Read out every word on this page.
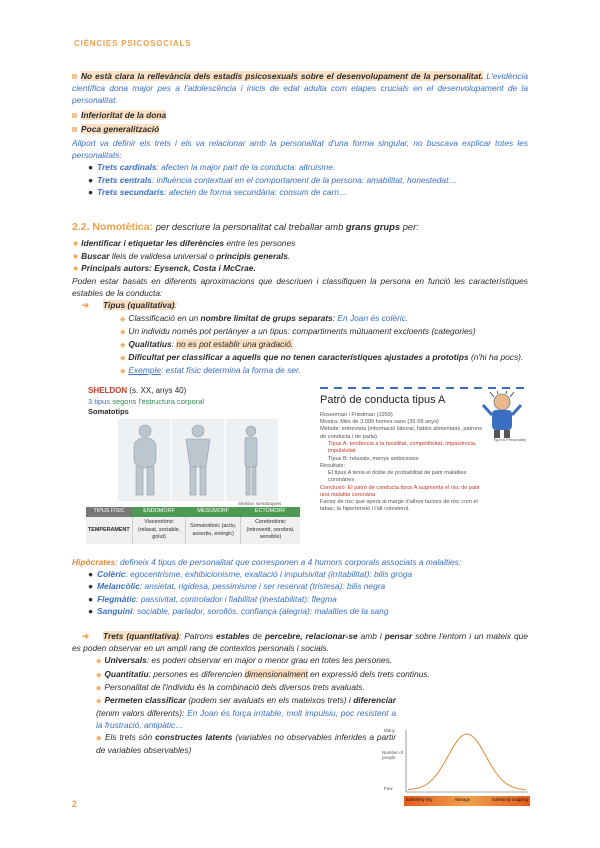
CIÈNCIES PSICOSOCIALS
No està clara la rellevància dels estadis psicosexuals sobre el desenvolupament de la personalitat. L'evidència científica dona major pes a l'adolescència i inicis de edat adulta com etapes crucials en el desenvolupament de la personalitat.
Inferioritat de la dona
Poca generalització
Allport va definir els trets i els va relacionar amb la personalitat d'una forma singular, no buscava explicar totes les personalitats:
● Trets cardinals: afecten la major part de la conducta: altruisme.
● Trets centrals: influència contextual en el comportament de la persona: amabilitat, honestedat…
● Trets secundaris: afecten de forma secundària: consum de carn…
2.2. Nomotètica: per descriure la personalitat cal treballar amb grans grups per:
★ Identificar i etiquetar les diferències entre les persones
★ Buscar lleis de validesa universal o principis generals.
★ Principals autors: Eysenck, Costa i McCrae.
Poden estar basats en diferents aproximacions que descriuen i classifiquen la persona en funció les característiques estables de la conducta:
➔ Tipus (qualitativa):
◆ Classificació en un nombre limitat de grups separats: En Joan és colèric.
◆ Un individu només pot pertànyer a un tipus: compartiments mútuament excloents (categories)
◆ Qualitatius: no es pot establir una gradació.
◆ Dificultat per classificar a aquells que no tenen característiques ajustades a prototips (n'hi ha pocs).
◆ Exemple: estat físic determina la forma de ser.
SHELDON (s. XX, anys 40)
3 tipus segons l'estructura corporal
Somatotips
Sheldon somatotypes
TIPUS FÍSIC	ENDOMORF	MESOMORF	ECTOMORF
TEMPERAMENT	Viscerotònic (relaxat, sociable, golut)	Somatotònic (actiu, assertiu, enèrgic)	Cerebrotònic (introvertit, cerebral, sensible)
Patró de conducta tipus A
Rosenman i Friedman (1959)
Mostra: Més de 3.000 homes sans (35-59 anys)
Mètode: entrevista (informació laboral, hàbits alimentaris, patrons de conducta i de parla)
Tipus A: tendència a la hostilitat, competitivitat, impaciència, impulsivitat
Tipus B: relaxats, menys ambiciosos
Resultats:
El tipus A tenia el doble de probabilitat de patir malalties coronàries
Conclusió: El patró de conducta tipus A augmenta el risc de patir una malaltia coronària
Factor de risc que opera al marge d'altres factors de risc com el tabac, la hipertensió i l'alt colesterol.
Type A Personality
Hipòcrates: defineix 4 tipus de personalitat que corresponen a 4 humors corporals associats a malalties:
● Colèric: egocentrisme, exhibicionisme, exaltació i impulsivitat (irritabilitat): bilis groga
● Melancòlic: ansietat, rigidesa, pessimisme i ser reservat (tristesa): bilis negra
● Flegmàtic: passivitat, controlador i fiabilitat (inestabilitat): flegma
● Sanguini: sociable, parlador, sorollós, confiança (alegria): malalties de la sang
➔ Trets (quantitativa): Patrons estables de percebre, relacionar-se amb i pensar sobre l'entorn i un mateix que es poden observar en un ampli rang de contextos personals i socials.
◆ Universals: es poden observar en major o menor grau en totes les persones.
◆ Quantitatiu: persones es diferencien dimensionalment en expressió dels trets continus.
◆ Personalitat de l'individu és la combinació dels diversos trets avaluats.
◆ Permeten classificar (podem ser avaluats en els mateixos trets) i diferenciar (tenim valors diferents): En Joan és força irritable, molt impulsiu, poc resistent a la frustració, antipàtic…
◆ Els trets són constructes latents (variables no observables inferides a partir de variables observables)
Many
Number of people
Few
Extremely shy	Average	Extremely outgoing
2
